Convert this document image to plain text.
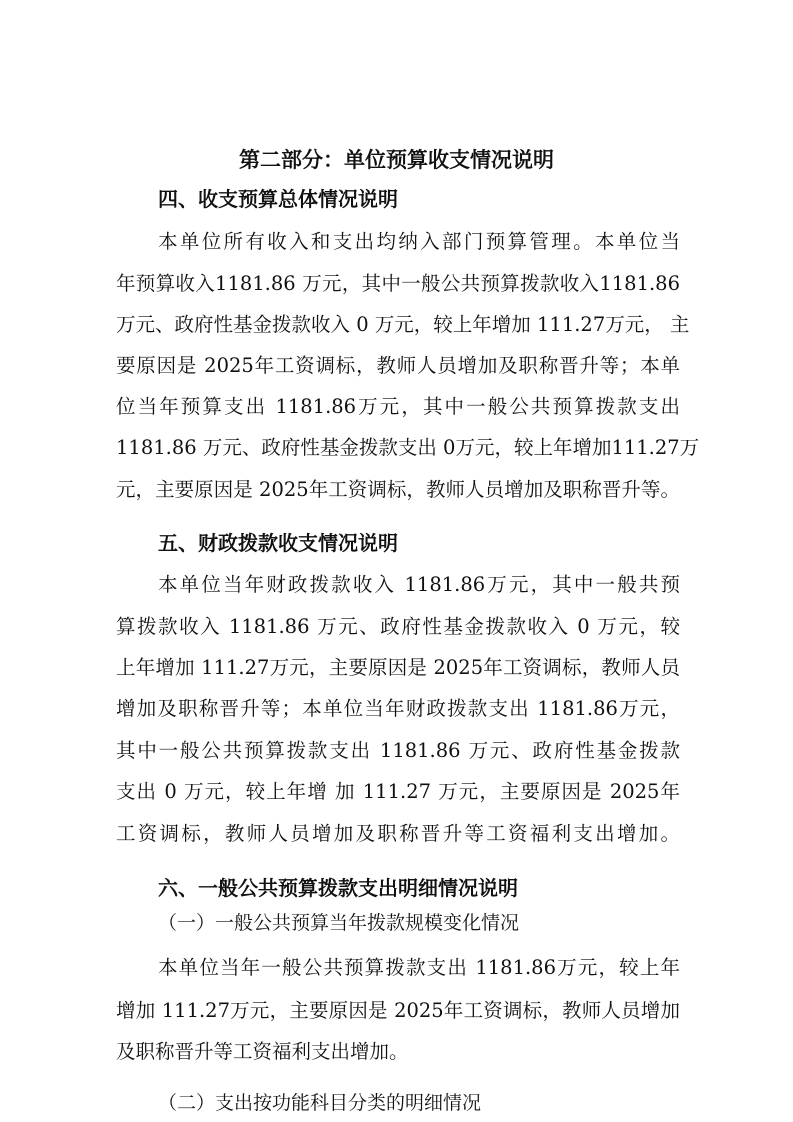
第二部分：单位预算收支情况说明
四、收支预算总体情况说明
本单位所有收入和支出均纳入部门预算管理。本单位当
年预算收入1181.86 万元，其中一般公共预算拨款收入1181.86
万元、政府性基金拨款收入 0 万元，较上年增加 111.27万元， 主
要原因是 2025年工资调标，教师人员增加及职称晋升等；本单
位当年预算支出 1181.86万元，其中一般公共预算拨款支出
1181.86 万元、政府性基金拨款支出 0万元，较上年增加111.27万
元，主要原因是 2025年工资调标，教师人员增加及职称晋升等。
五、财政拨款收支情况说明
本单位当年财政拨款收入 1181.86万元，其中一般共预
算拨款收入 1181.86 万元、政府性基金拨款收入 0 万元，较
上年增加 111.27万元，主要原因是 2025年工资调标，教师人员
增加及职称晋升等；本单位当年财政拨款支出 1181.86万元，
其中一般公共预算拨款支出 1181.86 万元、政府性基金拨款
支出 0 万元，较上年增 加 111.27 万元，主要原因是 2025年
工资调标，教师人员增加及职称晋升等工资福利支出增加。
六、一般公共预算拨款支出明细情况说明
（一）一般公共预算当年拨款规模变化情况
本单位当年一般公共预算拨款支出 1181.86万元，较上年
增加 111.27万元，主要原因是 2025年工资调标，教师人员增加
及职称晋升等工资福利支出增加。
（二）支出按功能科目分类的明细情况
